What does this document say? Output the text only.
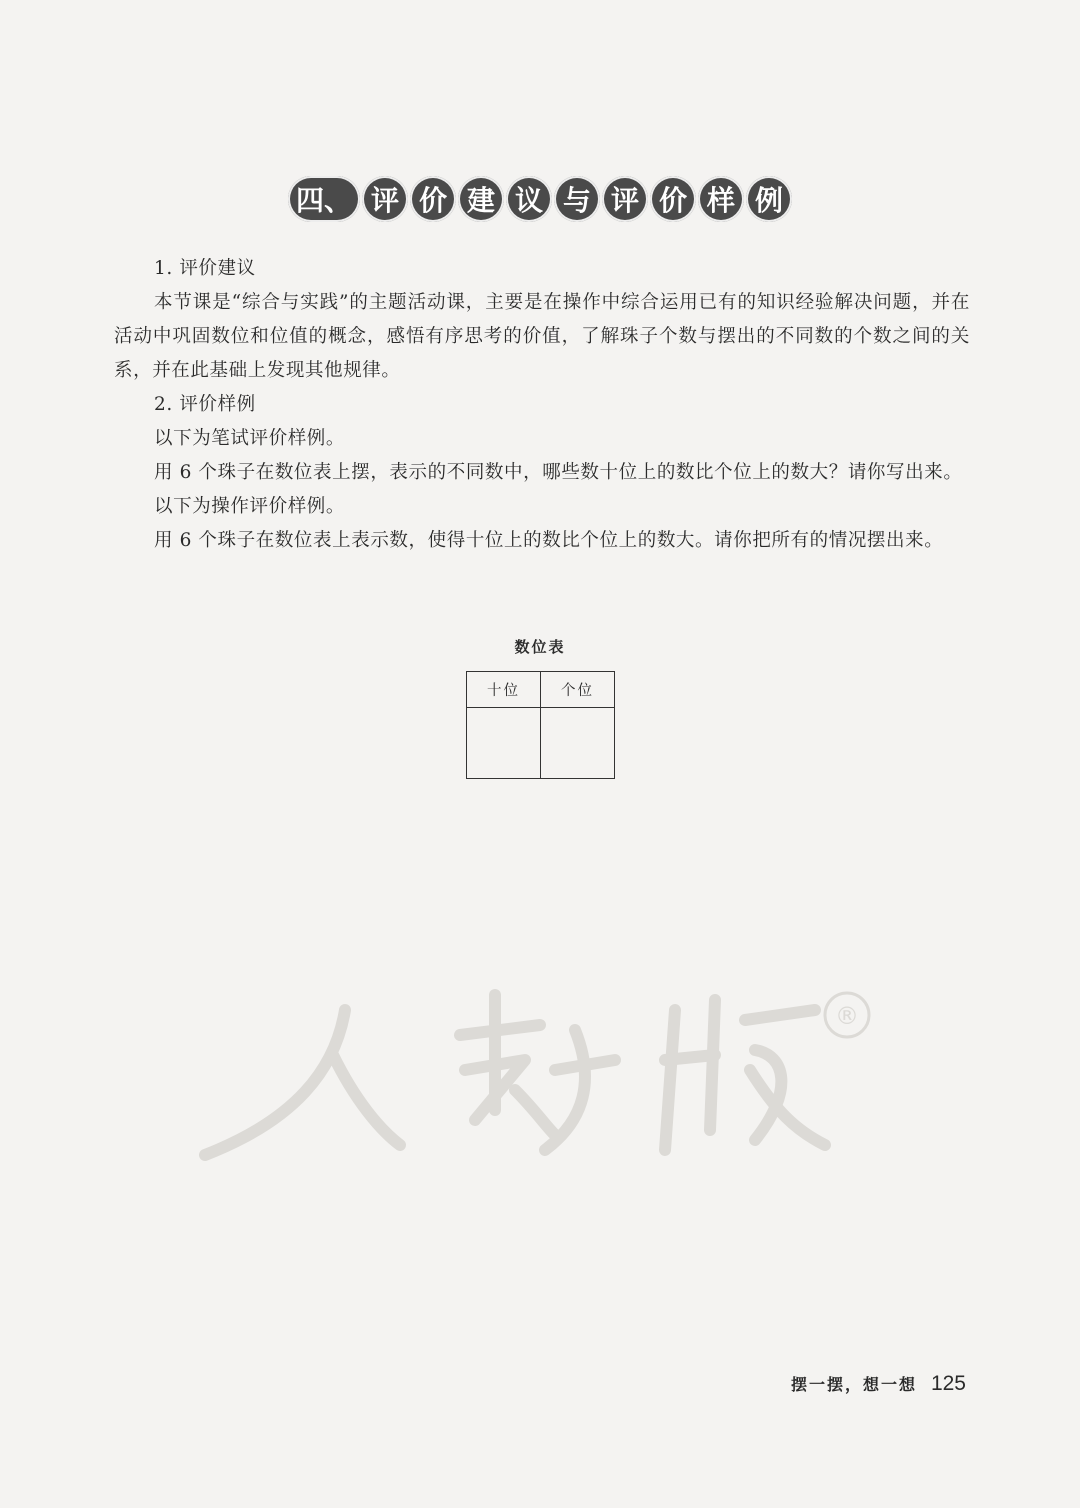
四、 评 价 建 议 与 评 价 样 例

1. 评价建议

本节课是“综合与实践”的主题活动课，主要是在操作中综合运用已有的知识经验解决问题，并在活动中巩固数位和位值的概念，感悟有序思考的价值，了解珠子个数与摆出的不同数的个数之间的关系，并在此基础上发现其他规律。

2. 评价样例

以下为笔试评价样例。

用 6 个珠子在数位表上摆，表示的不同数中，哪些数十位上的数比个位上的数大？请你写出来。

以下为操作评价样例。

用 6 个珠子在数位表上表示数，使得十位上的数比个位上的数大。请你把所有的情况摆出来。

数位表
十位	个位

®
摆一摆，想一想 125
